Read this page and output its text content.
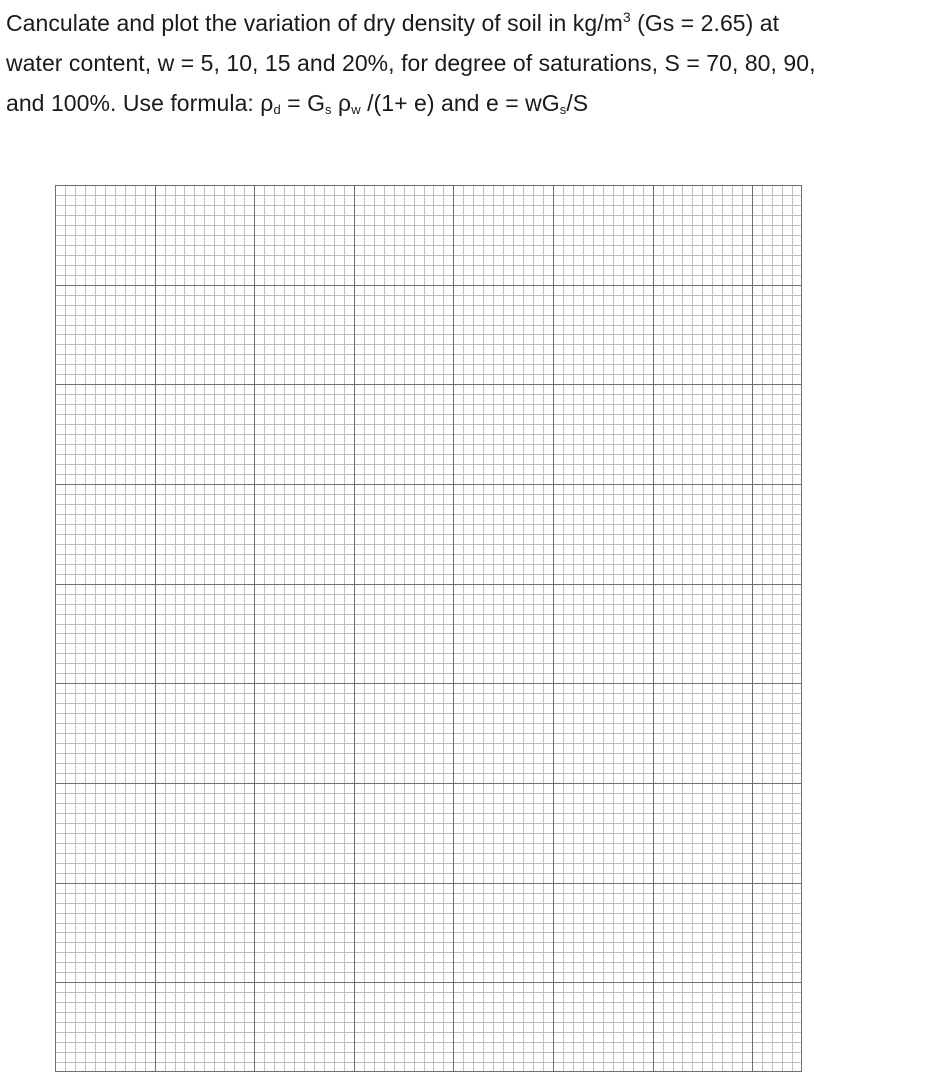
Canculate and plot the variation of dry density of soil in $kg/m^3$ (Gs = 2.65) at
water content, w = 5, 10, 15 and 20%, for degree of saturations, S = 70, 80, 90,
and 100%. Use formula: $\rho_d = G_s$ $\rho_w$ /(1+ e) and $e = wG_s/S$
